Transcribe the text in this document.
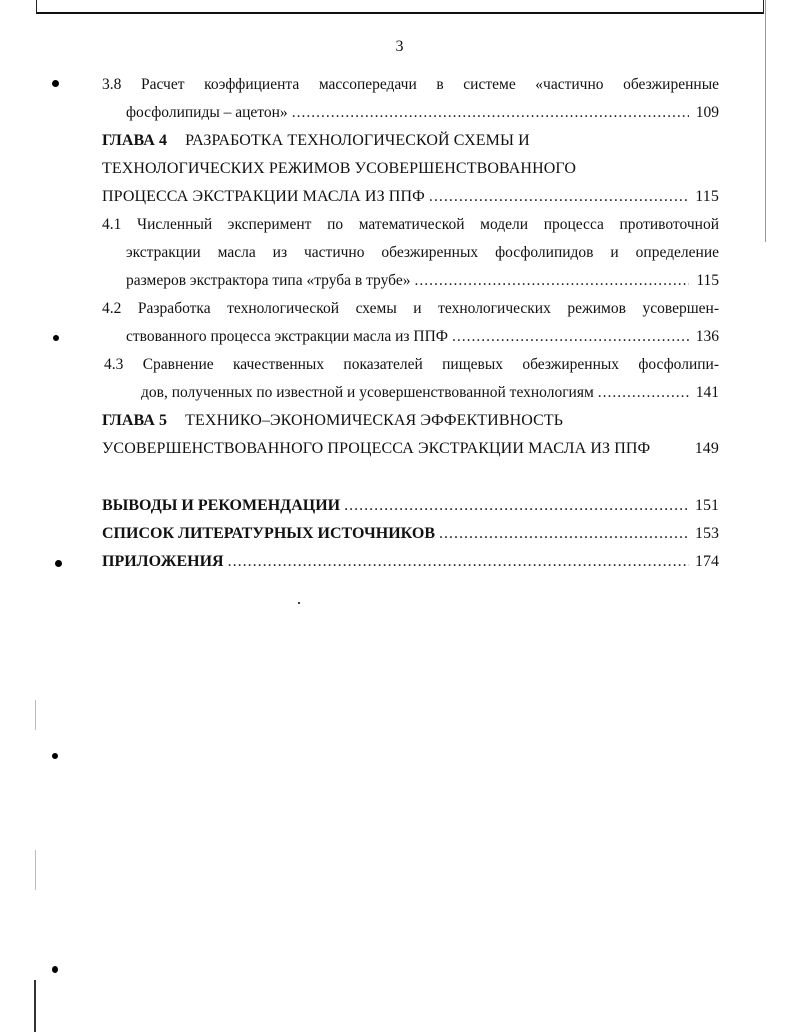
3
3.8 Расчет коэффициента массопередачи в системе «частично обезжиренные
фосфолипиды – ацетон» .....	109
ГЛАВА 4 РАЗРАБОТКА ТЕХНОЛОГИЧЕСКОЙ СХЕМЫ И
ТЕХНОЛОГИЧЕСКИХ РЕЖИМОВ УСОВЕРШЕНСТВОВАННОГО
ПРОЦЕССА ЭКСТРАКЦИИ МАСЛА ИЗ ППФ .....	115
4.1 Численный эксперимент по математической модели процесса противоточной
экстракции масла из частично обезжиренных фосфолипидов и определение
размеров экстрактора типа «труба в трубе» .....	115
4.2 Разработка технологической схемы и технологических режимов усовершен-
ствованного процесса экстракции масла из ППФ .....	136
4.3 Сравнение качественных показателей пищевых обезжиренных фосфолипи-
дов, полученных по известной и усовершенствованной технологиям .....	141
ГЛАВА 5 ТЕХНИКО–ЭКОНОМИЧЕСКАЯ ЭФФЕКТИВНОСТЬ
УСОВЕРШЕНСТВОВАННОГО ПРОЦЕССА ЭКСТРАКЦИИ МАСЛА ИЗ ППФ	149
ВЫВОДЫ И РЕКОМЕНДАЦИИ .....	151
СПИСОК ЛИТЕРАТУРНЫХ ИСТОЧНИКОВ .....	153
ПРИЛОЖЕНИЯ .....	174
